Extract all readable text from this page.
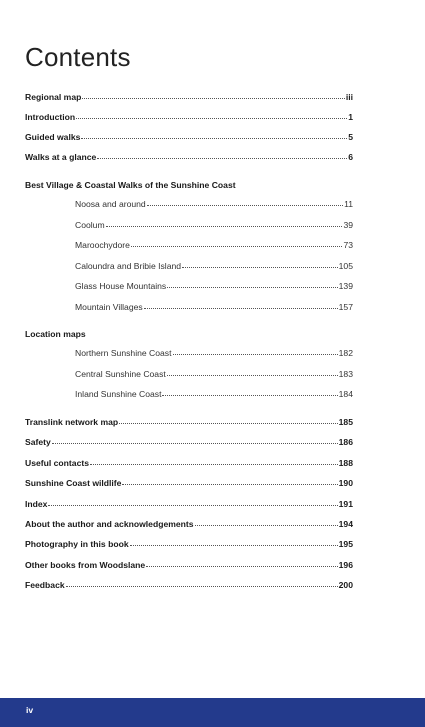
Contents
Regional map	iii
Introduction	1
Guided walks	5
Walks at a glance	6
Best Village & Coastal Walks of the Sunshine Coast
Noosa and around	11
Coolum	39
Maroochydore	73
Caloundra and Bribie Island	105
Glass House Mountains	139
Mountain Villages	157
Location maps
Northern Sunshine Coast	182
Central Sunshine Coast	183
Inland Sunshine Coast	184
Translink network map	185
Safety	186
Useful contacts	188
Sunshine Coast wildlife	190
Index	191
About the author and acknowledgements	194
Photography in this book	195
Other books from Woodslane	196
Feedback	200
iv
